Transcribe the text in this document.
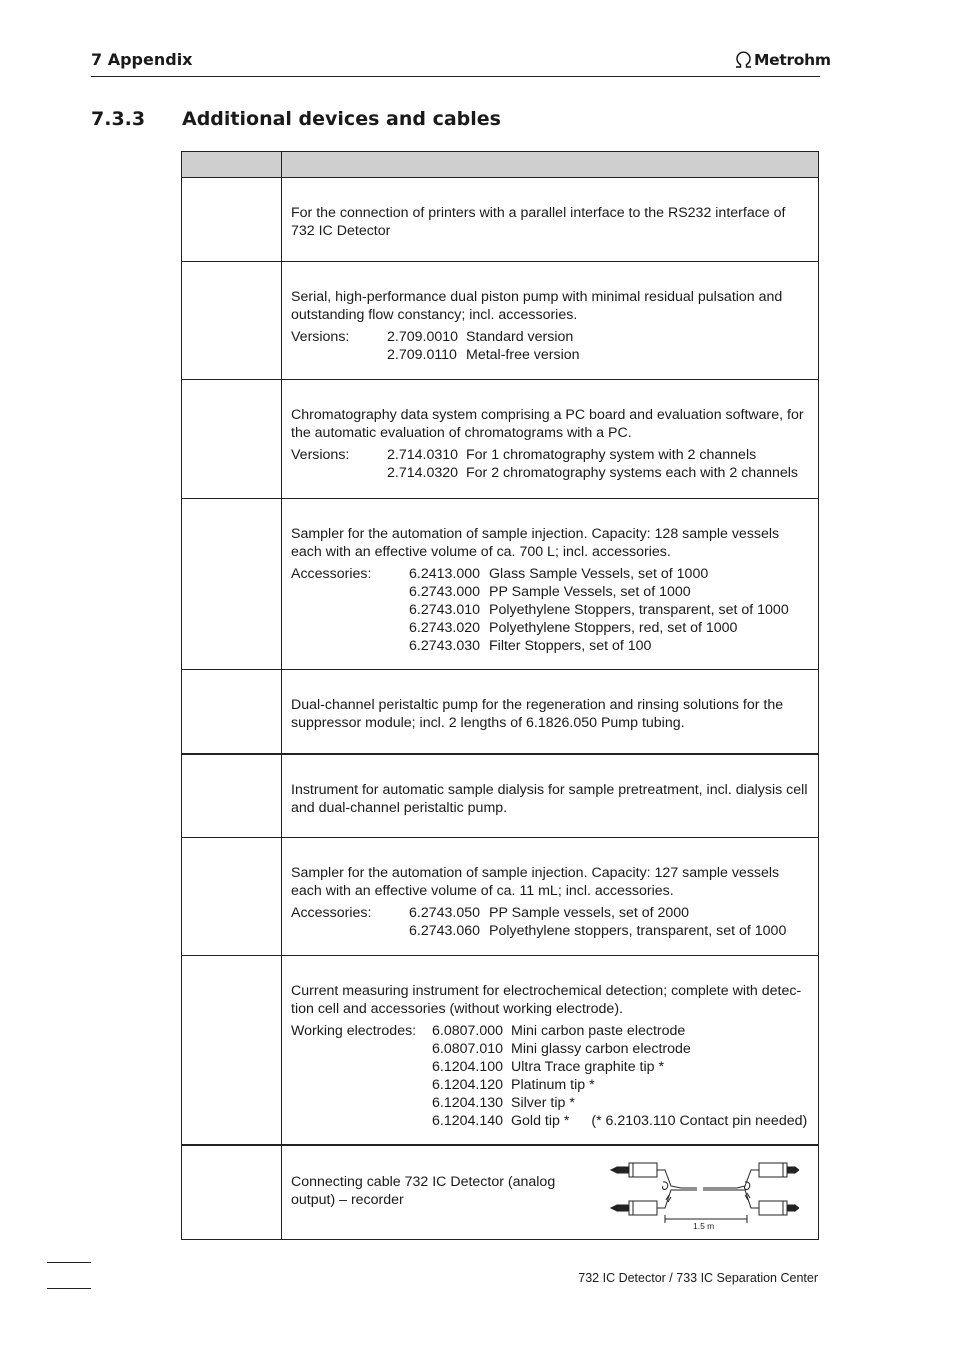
7 Appendix	Metrohm
7.3.3 Additional devices and cables

For the connection of printers with a parallel interface to the RS232 interface of 732 IC Detector

Serial, high-performance dual piston pump with minimal residual pulsation and outstanding flow constancy; incl. accessories.

Versions:	2.709.0010 Standard version
2.709.0110 Metal-free version

Chromatography data system comprising a PC board and evaluation software, for the automatic evaluation of chromatograms with a PC.

Versions:	2.714.0310 For 1 chromatography system with 2 channels
2.714.0320 For 2 chromatography systems each with 2 channels

Sampler for the automation of sample injection. Capacity: 128 sample vessels each with an effective volume of ca. 700 L; incl. accessories.

Accessories:	6.2413.000 Glass Sample Vessels, set of 1000
6.2743.000 PP Sample Vessels, set of 1000
6.2743.010 Polyethylene Stoppers, transparent, set of 1000
6.2743.020 Polyethylene Stoppers, red, set of 1000
6.2743.030 Filter Stoppers, set of 100

Dual-channel peristaltic pump for the regeneration and rinsing solutions for the suppressor module; incl. 2 lengths of 6.1826.050 Pump tubing.

Instrument for automatic sample dialysis for sample pretreatment, incl. dialysis cell and dual-channel peristaltic pump.

Sampler for the automation of sample injection. Capacity: 127 sample vessels each with an effective volume of ca. 11 mL; incl. accessories.

Accessories:	6.2743.050 PP Sample vessels, set of 2000
6.2743.060 Polyethylene stoppers, transparent, set of 1000

Current measuring instrument for electrochemical detection; complete with detec-tion cell and accessories (without working electrode).

Working electrodes:	6.0807.000 Mini carbon paste electrode
6.0807.010 Mini glassy carbon electrode
6.1204.100 Ultra Trace graphite tip *
6.1204.120 Platinum tip *
6.1204.130 Silver tip *
6.1204.140 Gold tip * (* 6.2103.110 Contact pin needed)

Connecting cable 732 IC Detector (analog output) – recorder

1.5 m
732 IC Detector / 733 IC Separation Center
